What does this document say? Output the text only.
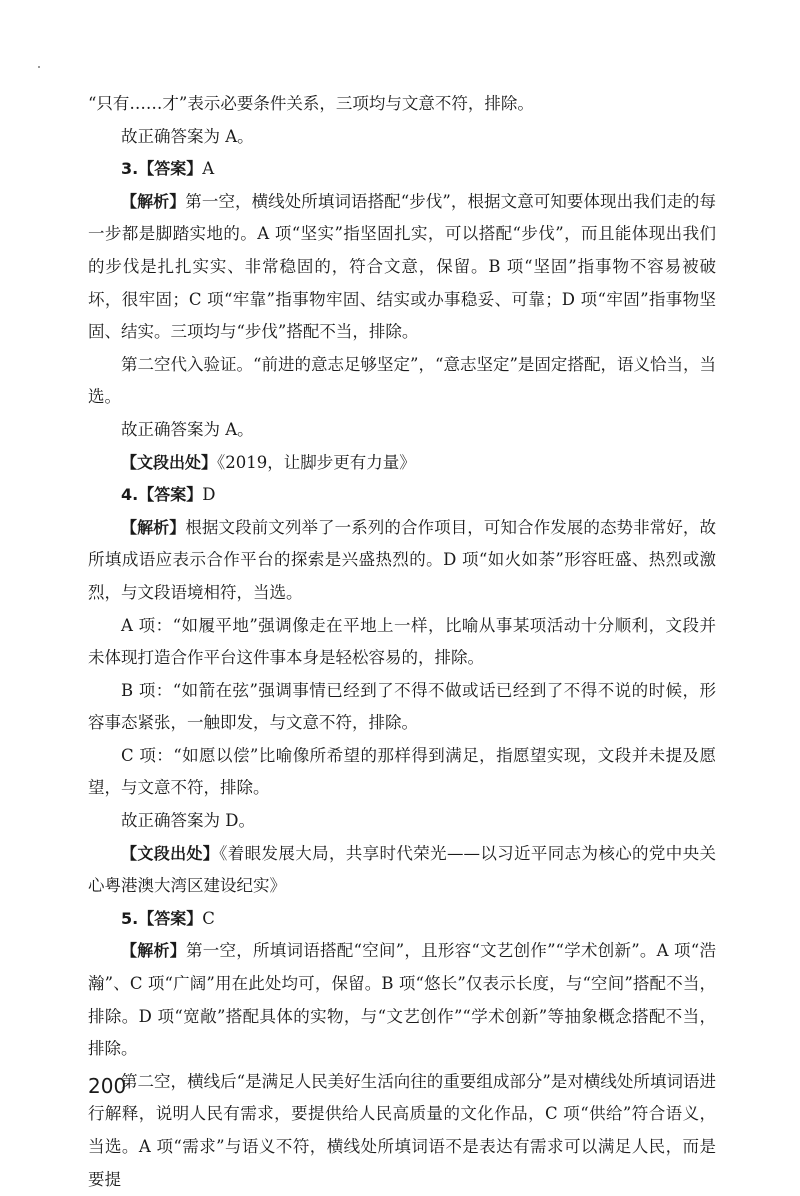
“只有……才”表示必要条件关系，三项均与文意不符，排除。

故正确答案为 A。

3.【答案】A

【解析】第一空，横线处所填词语搭配“步伐”，根据文意可知要体现出我们走的每一步都是脚踏实地的。A 项“坚实”指坚固扎实，可以搭配“步伐”，而且能体现出我们的步伐是扎扎实实、非常稳固的，符合文意，保留。B 项“坚固”指事物不容易被破坏，很牢固；C 项“牢靠”指事物牢固、结实或办事稳妥、可靠；D 项“牢固”指事物坚固、结实。三项均与“步伐”搭配不当，排除。

第二空代入验证。“前进的意志足够坚定”，“意志坚定”是固定搭配，语义恰当，当选。

故正确答案为 A。

【文段出处】《2019，让脚步更有力量》

4.【答案】D

【解析】根据文段前文列举了一系列的合作项目，可知合作发展的态势非常好，故所填成语应表示合作平台的探索是兴盛热烈的。D 项“如火如荼”形容旺盛、热烈或激烈，与文段语境相符，当选。

A 项：“如履平地”强调像走在平地上一样，比喻从事某项活动十分顺利，文段并未体现打造合作平台这件事本身是轻松容易的，排除。

B 项：“如箭在弦”强调事情已经到了不得不做或话已经到了不得不说的时候，形容事态紧张，一触即发，与文意不符，排除。

C 项：“如愿以偿”比喻像所希望的那样得到满足，指愿望实现，文段并未提及愿望，与文意不符，排除。

故正确答案为 D。

【文段出处】《着眼发展大局，共享时代荣光——以习近平同志为核心的党中央关心粤港澳大湾区建设纪实》

5.【答案】C

【解析】第一空，所填词语搭配“空间”，且形容“文艺创作”“学术创新”。A 项“浩瀚”、C 项“广阔”用在此处均可，保留。B 项“悠长”仅表示长度，与“空间”搭配不当，排除。D 项“宽敞”搭配具体的实物，与“文艺创作”“学术创新”等抽象概念搭配不当，排除。

第二空，横线后“是满足人民美好生活向往的重要组成部分”是对横线处所填词语进行解释，说明人民有需求，要提供给人民高质量的文化作品，C 项“供给”符合语义，当选。A 项“需求”与语义不符，横线处所填词语不是表达有需求可以满足人民，而是要提

200
